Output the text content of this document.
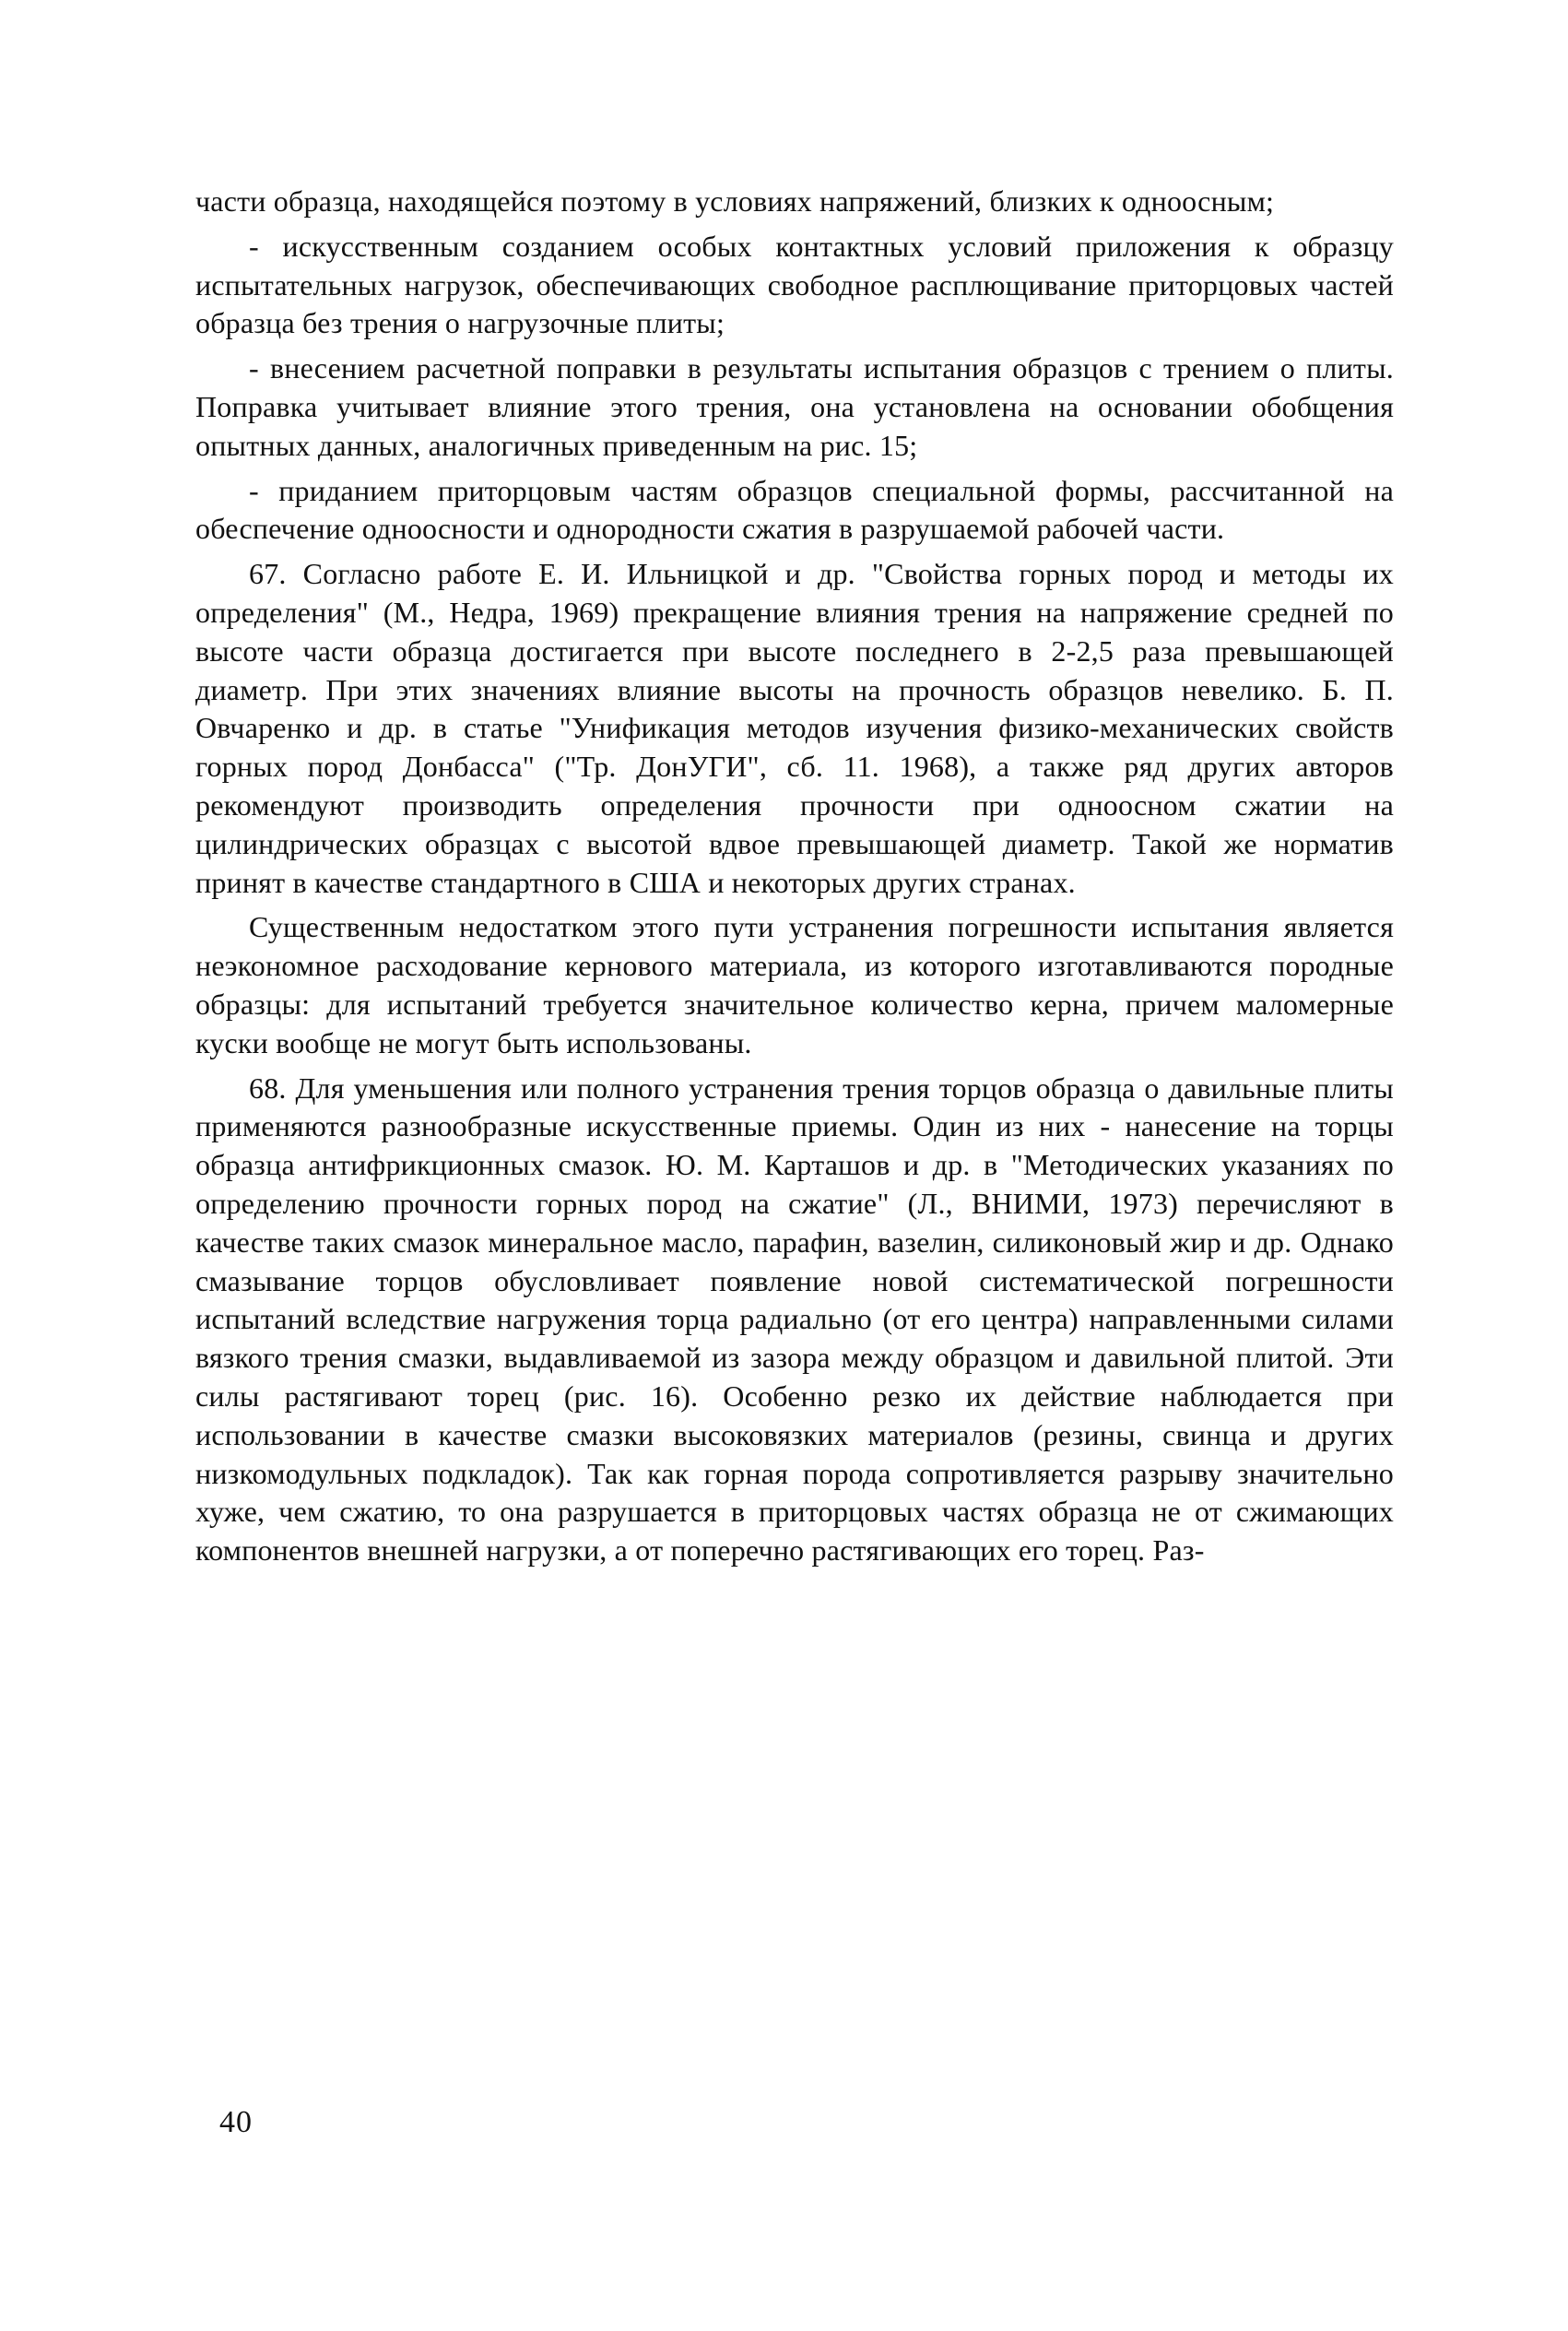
части образца, находящейся поэтому в условиях напряжений, близких к одноосным;

- искусственным созданием особых контактных условий приложения к образцу испытательных нагрузок, обеспечивающих свободное расплющивание приторцовых частей образца без трения о нагрузочные плиты;

- внесением расчетной поправки в результаты испытания образцов с трением о плиты. Поправка учитывает влияние этого трения, она установлена на основании обобщения опытных данных, аналогичных приведенным на рис. 15;

- приданием приторцовым частям образцов специальной формы, рассчитанной на обеспечение одноосности и однородности сжатия в разрушаемой рабочей части.

67. Согласно работе Е. И. Ильницкой и др. "Свойства горных пород и методы их определения" (М., Недра, 1969) прекращение влияния трения на напряжение средней по высоте части образца достигается при высоте последнего в 2-2,5 раза превышающей диаметр. При этих значениях влияние высоты на прочность образцов невелико. Б. П. Овчаренко и др. в статье "Унификация методов изучения физико-механических свойств горных пород Донбасса" ("Тр. ДонУГИ", сб. 11. 1968), а также ряд других авторов рекомендуют производить определения прочности при одноосном сжатии на цилиндрических образцах с высотой вдвое превышающей диаметр. Такой же норматив принят в качестве стандартного в США и некоторых других странах.

Существенным недостатком этого пути устранения погрешности испытания является неэкономное расходование кернового материала, из которого изготавливаются породные образцы: для испытаний требуется значительное количество керна, причем маломерные куски вообще не могут быть использованы.

68. Для уменьшения или полного устранения трения торцов образца о давильные плиты применяются разнообразные искусственные приемы. Один из них - нанесение на торцы образца антифрикционных смазок. Ю. М. Карташов и др. в "Методических указаниях по определению прочности горных пород на сжатие" (Л., ВНИМИ, 1973) перечисляют в качестве таких смазок минеральное масло, парафин, вазелин, силиконовый жир и др. Однако смазывание торцов обусловливает появление новой систематической погрешности испытаний вследствие нагружения торца радиально (от его центра) направленными силами вязкого трения смазки, выдавливаемой из зазора между образцом и давильной плитой. Эти силы растягивают торец (рис. 16). Особенно резко их действие наблюдается при использовании в качестве смазки высоковязких материалов (резины, свинца и других низкомодульных подкладок). Так как горная порода сопротивляется разрыву значительно хуже, чем сжатию, то она разрушается в приторцовых частях образца не от сжимающих компонентов внешней нагрузки, а от поперечно растягивающих его торец. Раз-

40
